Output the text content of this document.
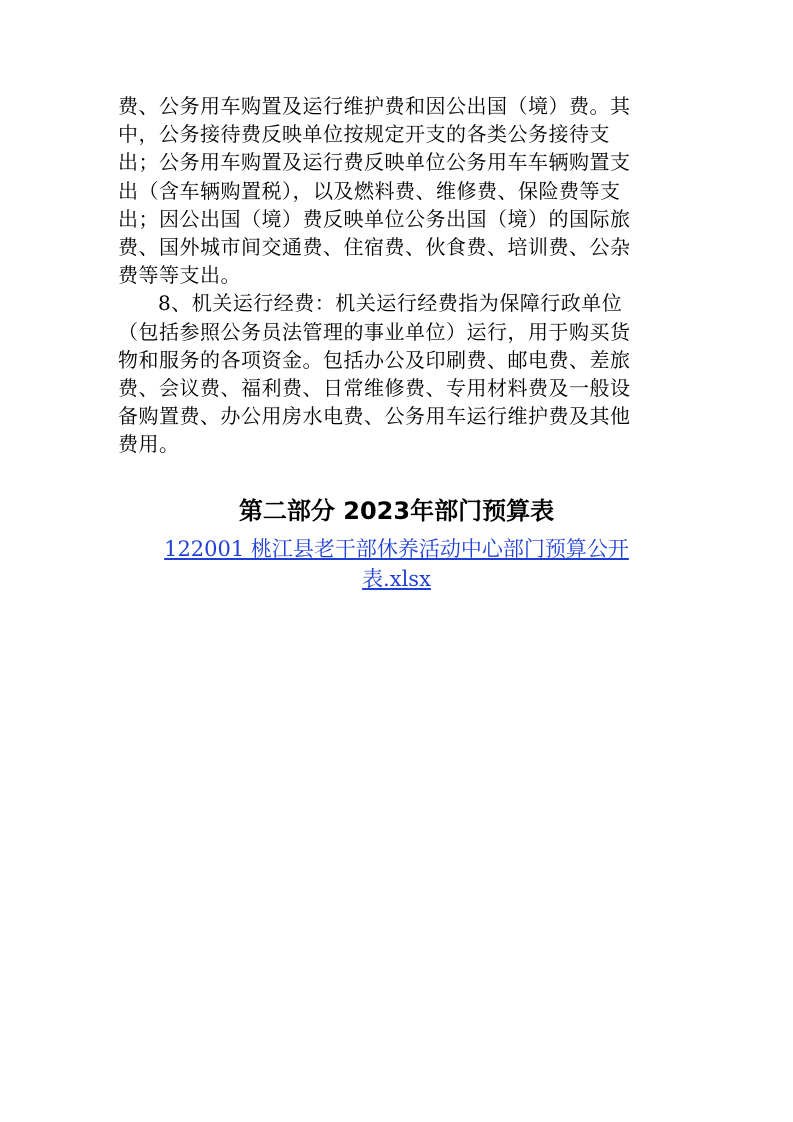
费、公务用车购置及运行维护费和因公出国（境）费。其
中，公务接待费反映单位按规定开支的各类公务接待支
出；公务用车购置及运行费反映单位公务用车车辆购置支
出（含车辆购置税），以及燃料费、维修费、保险费等支
出；因公出国（境）费反映单位公务出国（境）的国际旅
费、国外城市间交通费、住宿费、伙食费、培训费、公杂
费等等支出。

8、机关运行经费：机关运行经费指为保障行政单位
（包括参照公务员法管理的事业单位）运行，用于购买货
物和服务的各项资金。包括办公及印刷费、邮电费、差旅
费、会议费、福利费、日常维修费、专用材料费及一般设
备购置费、办公用房水电费、公务用车运行维护费及其他
费用。

第二部分 2023年部门预算表
122001 桃江县老干部休养活动中心部门预算公开
表.xlsx
